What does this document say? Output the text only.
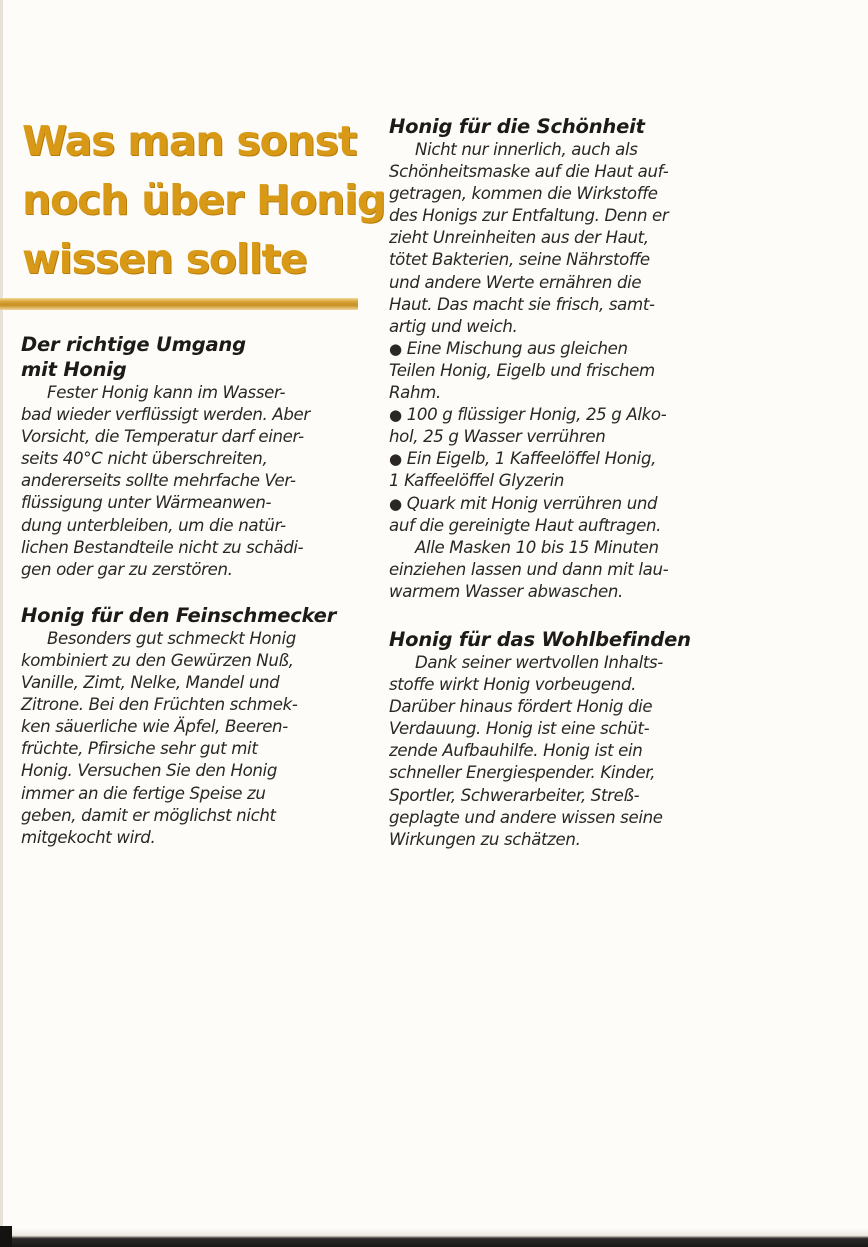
Was man sonst
noch über Honig
wissen sollte
Der richtige Umgang
mit Honig

Fester Honig kann im Wasser-
bad wieder verflüssigt werden. Aber
Vorsicht, die Temperatur darf einer-
seits 40°C nicht überschreiten,
andererseits sollte mehrfache Ver-
flüssigung unter Wärmeanwen-
dung unterbleiben, um die natür-
lichen Bestandteile nicht zu schädi-
gen oder gar zu zerstören.

Honig für den Feinschmecker

Besonders gut schmeckt Honig
kombiniert zu den Gewürzen Nuß,
Vanille, Zimt, Nelke, Mandel und
Zitrone. Bei den Früchten schmek-
ken säuerliche wie Äpfel, Beeren-
früchte, Pfirsiche sehr gut mit
Honig. Versuchen Sie den Honig
immer an die fertige Speise zu
geben, damit er möglichst nicht
mitgekocht wird.

Honig für die Schönheit

Nicht nur innerlich, auch als
Schönheitsmaske auf die Haut auf-
getragen, kommen die Wirkstoffe
des Honigs zur Entfaltung. Denn er
zieht Unreinheiten aus der Haut,
tötet Bakterien, seine Nährstoffe
und andere Werte ernähren die
Haut. Das macht sie frisch, samt-
artig und weich.
● Eine Mischung aus gleichen
Teilen Honig, Eigelb und frischem
Rahm.
● 100 g flüssiger Honig, 25 g Alko-
hol, 25 g Wasser verrühren
● Ein Eigelb, 1 Kaffeelöffel Honig,
1 Kaffeelöffel Glyzerin
● Quark mit Honig verrühren und
auf die gereinigte Haut auftragen.
Alle Masken 10 bis 15 Minuten
einziehen lassen und dann mit lau-
warmem Wasser abwaschen.

Honig für das Wohlbefinden

Dank seiner wertvollen Inhalts-
stoffe wirkt Honig vorbeugend.
Darüber hinaus fördert Honig die
Verdauung. Honig ist eine schüt-
zende Aufbauhilfe. Honig ist ein
schneller Energiespender. Kinder,
Sportler, Schwerarbeiter, Streß-
geplagte und andere wissen seine
Wirkungen zu schätzen.
